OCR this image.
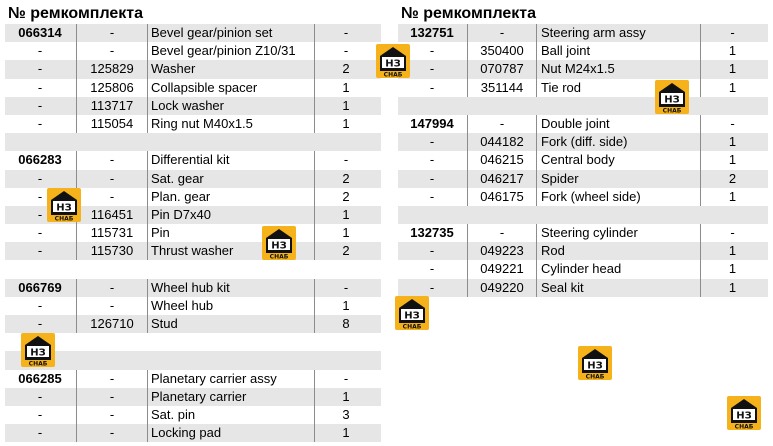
№ ремкомплекта
066314	-	Bevel gear/pinion set	-
-	-	Bevel gear/pinion Z10/31	-
-	125829	Washer	2
-	125806	Collapsible spacer	1
-	113717	Lock washer	1
-	115054	Ring nut M40x1.5	1
066283	-	Differential kit	-
-	-	Sat. gear	2
-	-	Plan. gear	2
-	116451	Pin D7x40	1
-	115731	Pin	1
-	115730	Thrust washer	2
066769	-	Wheel hub kit	-
-	-	Wheel hub	1
-	126710	Stud	8
066285	-	Planetary carrier assy	-
-	-	Planetary carrier	1
-	-	Sat. pin	3
-	-	Locking pad	1
№ ремкомплекта
132751	-	Steering arm assy	-
-	350400	Ball joint	1
-	070787	Nut M24x1.5	1
-	351144	Tie rod	1
147994	-	Double joint	-
-	044182	Fork (diff. side)	1
-	046215	Central body	1
-	046217	Spider	2
-	046175	Fork (wheel side)	1
132735	-	Steering cylinder	-
-	049223	Rod	1
-	049221	Cylinder head	1
-	049220	Seal kit	1
НЗ
СНАБ
НЗ
СНАБ
НЗ
СНАБ
НЗ
СНАБ
НЗ
СНАБ
НЗ
СНАБ
НЗ
СНАБ
НЗ
СНАБ
